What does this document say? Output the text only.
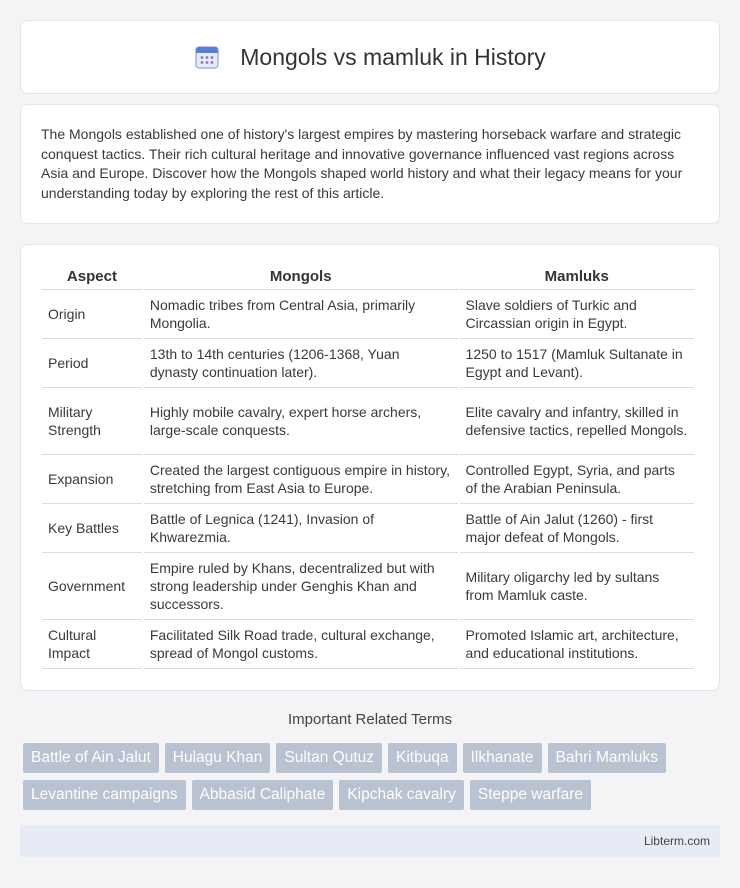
Mongols vs mamluk in History

The Mongols established one of history's largest empires by mastering horseback warfare and strategic conquest tactics. Their rich cultural heritage and innovative governance influenced vast regions across Asia and Europe. Discover how the Mongols shaped world history and what their legacy means for your understanding today by exploring the rest of this article.

Aspect	Mongols	Mamluks
Origin	Nomadic tribes from Central Asia, primarily Mongolia.	Slave soldiers of Turkic and Circassian origin in Egypt.
Period	13th to 14th centuries (1206-1368, Yuan dynasty continuation later).	1250 to 1517 (Mamluk Sultanate in Egypt and Levant).
Military Strength	Highly mobile cavalry, expert horse archers, large-scale conquests.	Elite cavalry and infantry, skilled in defensive tactics, repelled Mongols.
Expansion	Created the largest contiguous empire in history, stretching from East Asia to Europe.	Controlled Egypt, Syria, and parts of the Arabian Peninsula.
Key Battles	Battle of Legnica (1241), Invasion of Khwarezmia.	Battle of Ain Jalut (1260) - first major defeat of Mongols.
Government	Empire ruled by Khans, decentralized but with strong leadership under Genghis Khan and successors.	Military oligarchy led by sultans from Mamluk caste.
Cultural Impact	Facilitated Silk Road trade, cultural exchange, spread of Mongol customs.	Promoted Islamic art, architecture, and educational institutions.
Important Related Terms
Battle of Ain Jalut	Hulagu Khan	Sultan Qutuz	Kitbuqa	Ilkhanate	Bahri Mamluks
Levantine campaigns	Abbasid Caliphate	Kipchak cavalry	Steppe warfare
Libterm.com
